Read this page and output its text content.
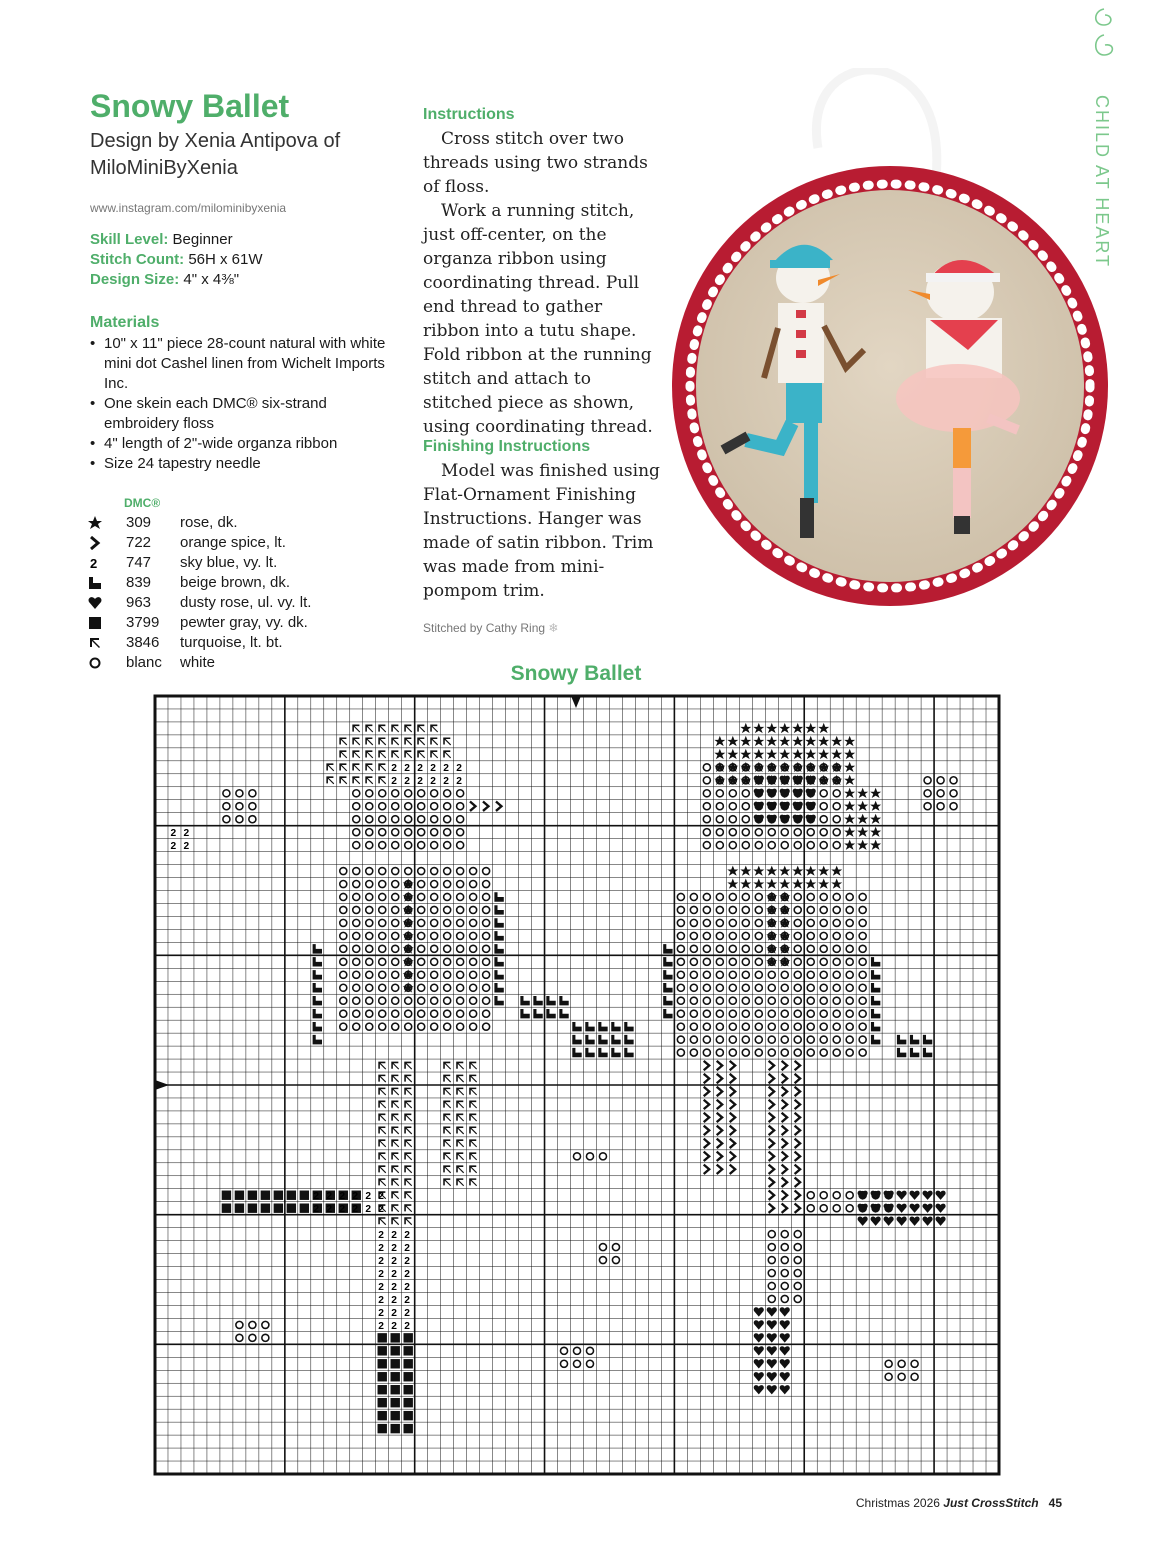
Snowy Ballet
Design by Xenia Antipova of MiloMiniByXenia
www.instagram.com/milominibyxenia
Skill Level: Beginner
Stitch Count: 56H x 61W
Design Size: 4" x 4⅜"
Materials
• 10" x 11" piece 28-count natural with white mini dot Cashel linen from Wichelt Imports Inc.
• One skein each DMC® six-strand embroidery floss
• 4" length of 2"-wide organza ribbon
• Size 24 tapestry needle
DMC®
309	rose, dk.
722	orange spice, lt.
2 747	sky blue, vy. lt.
839	beige brown, dk.
963	dusty rose, ul. vy. lt.
3799	pewter gray, vy. dk.
3846	turquoise, lt. bt.
blanc	white
Instructions

Cross stitch over two threads using two strands of floss.

Work a running stitch, just off-center, on the organza ribbon using coordinating thread. Pull end thread to gather ribbon into a tutu shape. Fold ribbon at the running stitch and attach to stitched piece as shown, using coordinating thread.

Finishing Instructions

Model was finished using Flat-Ornament Finishing Instructions. Hanger was made of satin ribbon. Trim was made from mini-pompom trim.

Stitched by Cathy Ring ❄
CHILD AT HEART
Snowy Ballet
2 2 2 2 2 2
2 2 2 2 2 2
2 2
2 2
2 2 2 2 2 2
2 2 2 2 2 2
2 2 2
2 2 2
2 2 2
2 2 2
2 2 2
2 2 2
2 2 2
2 2 2
Christmas 2026 Just CrossStitch 45
